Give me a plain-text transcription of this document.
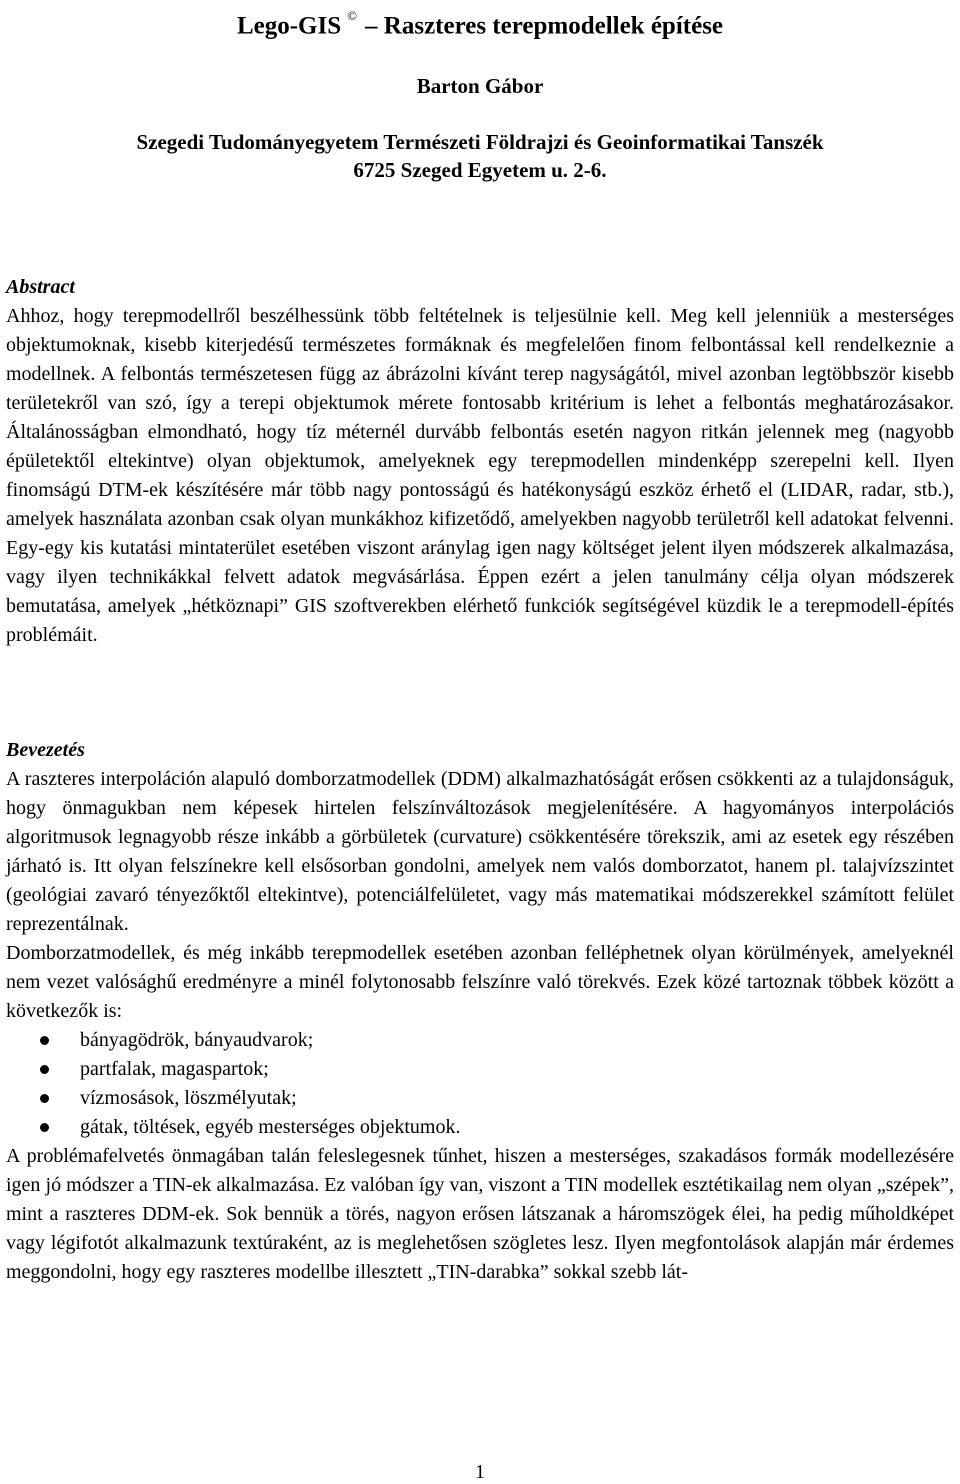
Lego-GIS © – Raszteres terepmodellek építése
Barton Gábor
Szegedi Tudományegyetem Természeti Földrajzi és Geoinformatikai Tanszék
6725 Szeged Egyetem u. 2-6.
Abstract

Ahhoz, hogy terepmodellről beszélhessünk több feltételnek is teljesülnie kell. Meg kell jelenniük a mesterséges objektumoknak, kisebb kiterjedésű természetes formáknak és megfelelően finom felbontással kell rendelkeznie a modellnek. A felbontás természetesen függ az ábrázolni kívánt terep nagyságától, mivel azonban legtöbbször kisebb területekről van szó, így a terepi objektumok mérete fontosabb kritérium is lehet a felbontás meghatározásakor. Általánosságban elmondható, hogy tíz méternél durvább felbontás esetén nagyon ritkán jelennek meg (nagyobb épületektől eltekintve) olyan objektumok, amelyeknek egy terepmodellen mindenképp szerepelni kell. Ilyen finomságú DTM-ek készítésére már több nagy pontosságú és hatékonyságú eszköz érhető el (LIDAR, radar, stb.), amelyek használata azonban csak olyan munkákhoz kifizetődő, amelyekben nagyobb területről kell adatokat felvenni. Egy-egy kis kutatási mintaterület esetében viszont aránylag igen nagy költséget jelent ilyen módszerek alkalmazása, vagy ilyen technikákkal felvett adatok megvásárlása. Éppen ezért a jelen tanulmány célja olyan módszerek bemutatása, amelyek „hétköznapi” GIS szoftverekben elérhető funkciók segítségével küzdik le a terepmodell-építés problémáit.

Bevezetés

A raszteres interpoláción alapuló domborzatmodellek (DDM) alkalmazhatóságát erősen csökkenti az a tulajdonságuk, hogy önmagukban nem képesek hirtelen felszínváltozások megjelenítésére. A hagyományos interpolációs algoritmusok legnagyobb része inkább a görbületek (curvature) csökkentésére törekszik, ami az esetek egy részében járható is. Itt olyan felszínekre kell elsősorban gondolni, amelyek nem valós domborzatot, hanem pl. talajvízszintet (geológiai zavaró tényezőktől eltekintve), potenciálfelületet, vagy más matematikai módszerekkel számított felület reprezentálnak.

Domborzatmodellek, és még inkább terepmodellek esetében azonban felléphetnek olyan körülmények, amelyeknél nem vezet valósághű eredményre a minél folytonosabb felszínre való törekvés. Ezek közé tartoznak többek között a következők is:

bányagödrök, bányaudvarok;
partfalak, magaspartok;
vízmosások, löszmélyutak;
gátak, töltések, egyéb mesterséges objektumok.

A problémafelvetés önmagában talán feleslegesnek tűnhet, hiszen a mesterséges, szakadásos formák modellezésére igen jó módszer a TIN-ek alkalmazása. Ez valóban így van, viszont a TIN modellek esztétikailag nem olyan „szépek”, mint a raszteres DDM-ek. Sok bennük a törés, nagyon erősen látszanak a háromszögek élei, ha pedig műholdképet vagy légifotót alkalmazunk textúraként, az is meglehetősen szögletes lesz. Ilyen megfontolások alapján már érdemes meggondolni, hogy egy raszteres modellbe illesztett „TIN-darabka” sokkal szebb lát-

1
